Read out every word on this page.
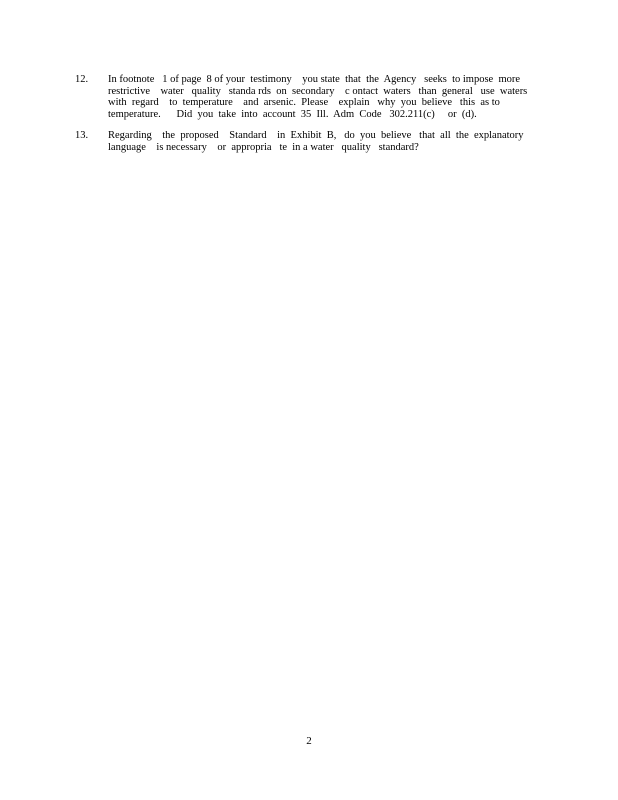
12.	In footnote   1 of page  8 of your  testimony    you state  that  the  Agency   seeks  to impose  more
restrictive    water   quality   standa rds  on  secondary    c ontact  waters   than  general   use  waters
with  regard    to  temperature    and  arsenic.  Please    explain   why  you  believe   this  as to
temperature.      Did  you  take  into  account  35  Ill.  Adm  Code   302.211(c)     or  (d).
13.	Regarding    the  proposed    Standard    in  Exhibit  B,   do  you  believe   that  all  the  explanatory
language    is necessary    or  appropria   te  in a water   quality   standard?
2
